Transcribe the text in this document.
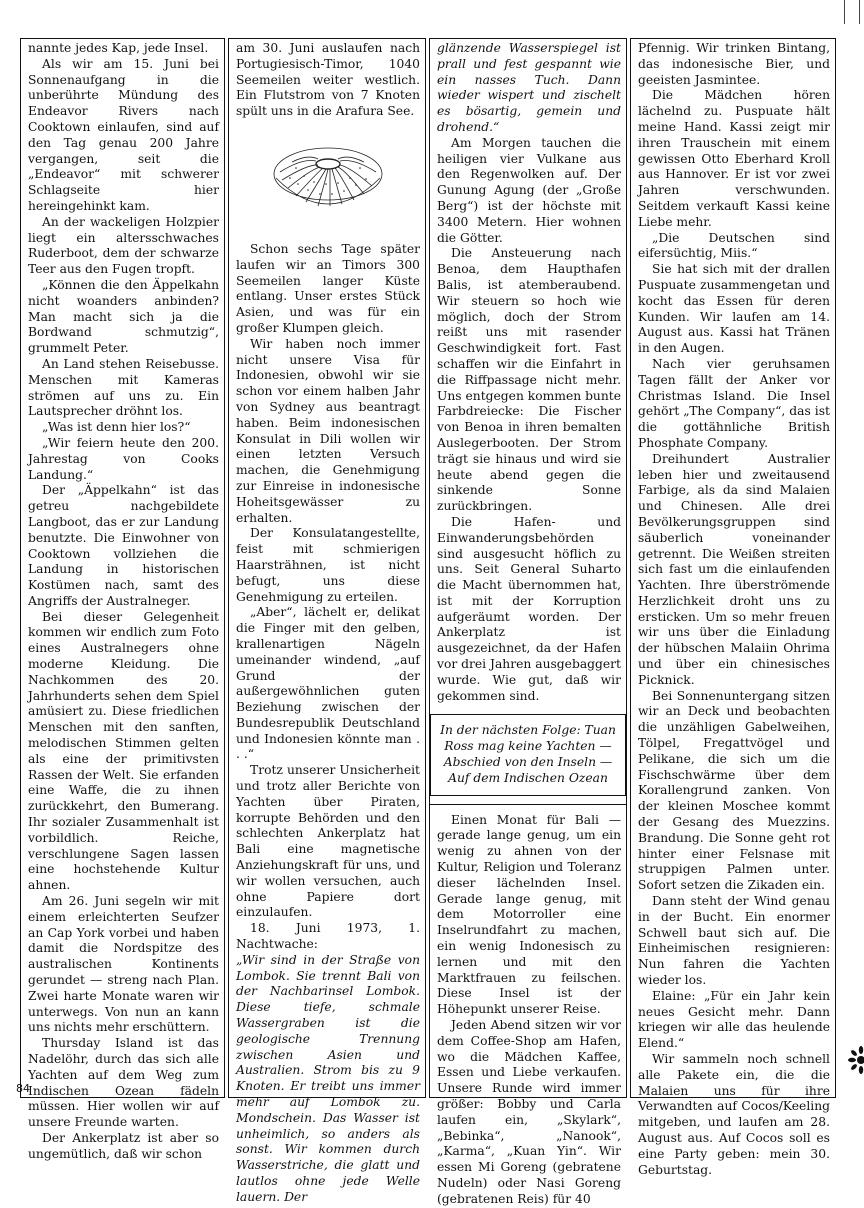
nannte jedes Kap, jede Insel.

Als wir am 15. Juni bei Sonnenaufgang in die unberührte Mündung des Endeavor Rivers nach Cooktown einlaufen, sind auf den Tag genau 200 Jahre vergangen, seit die „Endeavor“ mit schwerer Schlagseite hier hereingehinkt kam.

An der wackeligen Holzpier liegt ein altersschwaches Ruderboot, dem der schwarze Teer aus den Fugen tropft.

„Können die den Äppelkahn nicht woanders anbinden? Man macht sich ja die Bordwand schmutzig“, grummelt Peter.

An Land stehen Reisebusse. Menschen mit Kameras strömen auf uns zu. Ein Lautsprecher dröhnt los.

„Was ist denn hier los?“

„Wir feiern heute den 200. Jahrestag von Cooks Landung.“

Der „Äppelkahn“ ist das getreu nachgebildete Langboot, das er zur Landung benutzte. Die Einwohner von Cooktown vollziehen die Landung in historischen Kostümen nach, samt des Angriffs der Australneger.

Bei dieser Gelegenheit kommen wir endlich zum Foto eines Australnegers ohne moderne Kleidung. Die Nachkommen des 20. Jahrhunderts sehen dem Spiel amüsiert zu. Diese friedlichen Menschen mit den sanften, melodischen Stimmen gelten als eine der primitivsten Rassen der Welt. Sie erfanden eine Waffe, die zu ihnen zurückkehrt, den Bumerang. Ihr sozialer Zusammenhalt ist vorbildlich. Reiche, verschlungene Sagen lassen eine hochstehende Kultur ahnen.

Am 26. Juni segeln wir mit einem erleichterten Seufzer an Cap York vorbei und haben damit die Nordspitze des australischen Kontinents gerundet — streng nach Plan. Zwei harte Monate waren wir unterwegs. Von nun an kann uns nichts mehr erschüttern.

Thursday Island ist das Nadelöhr, durch das sich alle Yachten auf dem Weg zum Indischen Ozean fädeln müssen. Hier wollen wir auf unsere Freunde warten.

Der Ankerplatz ist aber so ungemütlich, daß wir schon

am 30. Juni auslaufen nach Portugiesisch-Timor, 1040 Seemeilen weiter westlich. Ein Flutstrom von 7 Knoten spült uns in die Arafura See.

Schon sechs Tage später laufen wir an Timors 300 Seemeilen langer Küste entlang. Unser erstes Stück Asien, und was für ein großer Klumpen gleich.

Wir haben noch immer nicht unsere Visa für Indonesien, obwohl wir sie schon vor einem halben Jahr von Sydney aus beantragt haben. Beim indonesischen Konsulat in Dili wollen wir einen letzten Versuch machen, die Genehmigung zur Einreise in indonesische Hoheitsgewässer zu erhalten.

Der Konsulatangestellte, feist mit schmierigen Haarsträhnen, ist nicht befugt, uns diese Genehmigung zu erteilen.

„Aber“, lächelt er, delikat die Finger mit den gelben, krallenartigen Nägeln umeinander windend, „auf Grund der außergewöhnlichen guten Beziehung zwischen der Bundesrepublik Deutschland und Indonesien könnte man . . .“

Trotz unserer Unsicherheit und trotz aller Berichte von Yachten über Piraten, korrupte Behörden und den schlechten Ankerplatz hat Bali eine magnetische Anziehungskraft für uns, und wir wollen versuchen, auch ohne Papiere dort einzulaufen.

18. Juni 1973, 1. Nachtwache:

„Wir sind in der Straße von Lombok. Sie trennt Bali von der Nachbarinsel Lombok. Diese tiefe, schmale Wassergraben ist die geologische Trennung zwischen Asien und Australien. Strom bis zu 9 Knoten. Er treibt uns immer mehr auf Lombok zu. Mondschein. Das Wasser ist unheimlich, so anders als sonst. Wir kommen durch Wasserstriche, die glatt und lautlos ohne jede Welle lauern. Der

glänzende Wasserspiegel ist prall und fest gespannt wie ein nasses Tuch. Dann wieder wispert und zischelt es bösartig, gemein und drohend.“

Am Morgen tauchen die heiligen vier Vulkane aus den Regenwolken auf. Der Gunung Agung (der „Große Berg“) ist der höchste mit 3400 Metern. Hier wohnen die Götter.

Die Ansteuerung nach Benoa, dem Haupthafen Balis, ist atemberaubend. Wir steuern so hoch wie möglich, doch der Strom reißt uns mit rasender Geschwindigkeit fort. Fast schaffen wir die Einfahrt in die Riffpassage nicht mehr. Uns entgegen kommen bunte Farbdreiecke: Die Fischer von Benoa in ihren bemalten Auslegerbooten. Der Strom trägt sie hinaus und wird sie heute abend gegen die sinkende Sonne zurückbringen.

Die Hafen- und Einwanderungsbehörden sind ausgesucht höflich zu uns. Seit General Suharto die Macht übernommen hat, ist mit der Korruption aufgeräumt worden. Der Ankerplatz ist ausgezeichnet, da der Hafen vor drei Jahren ausgebaggert wurde. Wie gut, daß wir gekommen sind.

In der nächsten Folge: Tuan Ross mag keine Yachten — Abschied von den Inseln — Auf dem Indischen Ozean

Einen Monat für Bali — gerade lange genug, um ein wenig zu ahnen von der Kultur, Religion und Toleranz dieser lächelnden Insel. Gerade lange genug, mit dem Motorroller eine Inselrundfahrt zu machen, ein wenig Indonesisch zu lernen und mit den Marktfrauen zu feilschen. Diese Insel ist der Höhepunkt unserer Reise.

Jeden Abend sitzen wir vor dem Coffee-Shop am Hafen, wo die Mädchen Kaffee, Essen und Liebe verkaufen. Unsere Runde wird immer größer: Bobby und Carla laufen ein, „Skylark“, „Bebinka“, „Nanook“, „Karma“, „Kuan Yin“. Wir essen Mi Goreng (gebratene Nudeln) oder Nasi Goreng (gebratenen Reis) für 40

Pfennig. Wir trinken Bintang, das indonesische Bier, und geeisten Jasmintee.

Die Mädchen hören lächelnd zu. Puspuate hält meine Hand. Kassi zeigt mir ihren Trauschein mit einem gewissen Otto Eberhard Kroll aus Hannover. Er ist vor zwei Jahren verschwunden. Seitdem verkauft Kassi keine Liebe mehr.

„Die Deutschen sind eifersüchtig, Miis.“

Sie hat sich mit der drallen Puspuate zusammengetan und kocht das Essen für deren Kunden. Wir laufen am 14. August aus. Kassi hat Tränen in den Augen.

Nach vier geruhsamen Tagen fällt der Anker vor Christmas Island. Die Insel gehört „The Company“, das ist die gottähnliche British Phosphate Company.

Dreihundert Australier leben hier und zweitausend Farbige, als da sind Malaien und Chinesen. Alle drei Bevölkerungsgruppen sind säuberlich voneinander getrennt. Die Weißen streiten sich fast um die einlaufenden Yachten. Ihre überströmende Herzlichkeit droht uns zu ersticken. Um so mehr freuen wir uns über die Einladung der hübschen Malaiin Ohrima und über ein chinesisches Picknick.

Bei Sonnenuntergang sitzen wir an Deck und beobachten die unzähligen Gabelweihen, Tölpel, Fregattvögel und Pelikane, die sich um die Fischschwärme über dem Korallengrund zanken. Von der kleinen Moschee kommt der Gesang des Muezzins. Brandung. Die Sonne geht rot hinter einer Felsnase mit struppigen Palmen unter. Sofort setzen die Zikaden ein.

Dann steht der Wind genau in der Bucht. Ein enormer Schwell baut sich auf. Die Einheimischen resignieren: Nun fahren die Yachten wieder los.

Elaine: „Für ein Jahr kein neues Gesicht mehr. Dann kriegen wir alle das heulende Elend.“

Wir sammeln noch schnell alle Pakete ein, die die Malaien uns für ihre Verwandten auf Cocos/Keeling mitgeben, und laufen am 28. August aus. Auf Cocos soll es eine Party geben: mein 30. Geburtstag.

84
